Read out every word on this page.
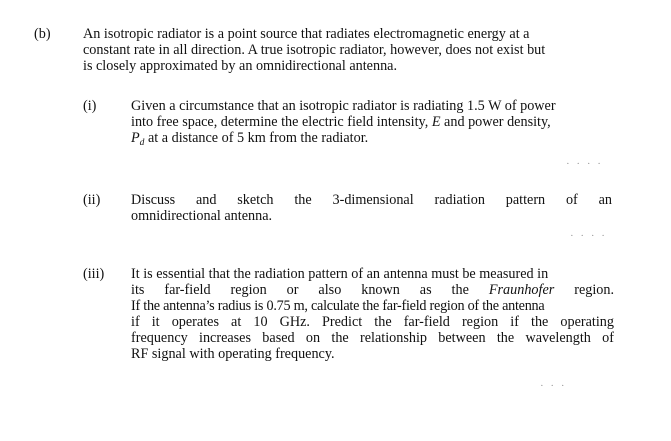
(b) An isotropic radiator is a point source that radiates electromagnetic energy at a
constant rate in all direction. A true isotropic radiator, however, does not exist but
is closely approximated by an omnidirectional antenna.
(i) Given a circumstance that an isotropic radiator is radiating 1.5 W of power
into free space, determine the electric field intensity, E and power density,
$P_d$ at a distance of 5 km from the radiator.
· · · ·
(ii) Discuss and sketch the 3-dimensional radiation pattern of an
omnidirectional antenna.
· · · ·
(iii) It is essential that the radiation pattern of an antenna must be measured in
its far-field region or also known as the Fraunhofer region.
If the antenna’s radius is 0.75 m, calculate the far-field region of the antenna
if it operates at 10 GHz. Predict the far-field region if the operating
frequency increases based on the relationship between the wavelength of
RF signal with operating frequency.
· · ·
